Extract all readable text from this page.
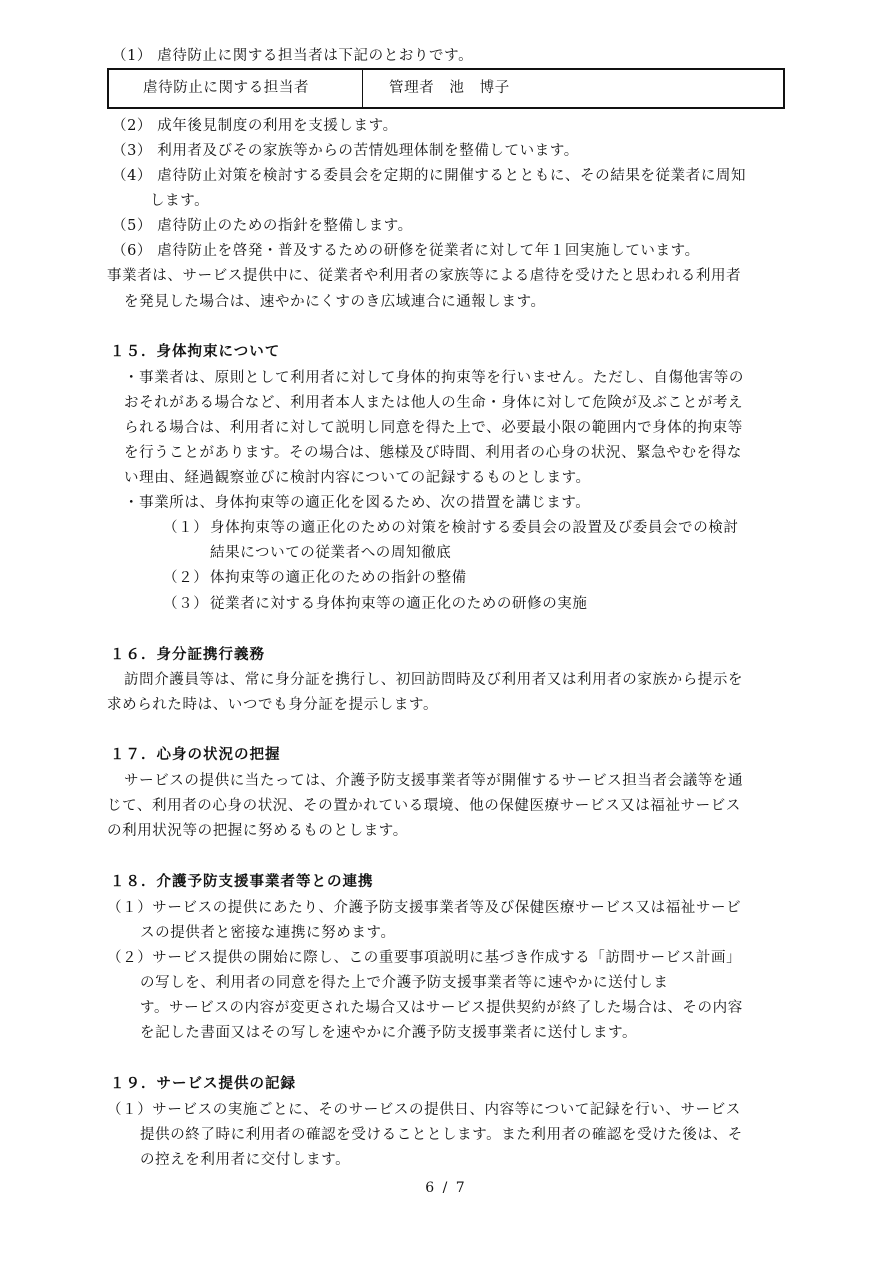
（1） 虐待防止に関する担当者は下記のとおりです。
虐待防止に関する担当者	管理者　池　博子
（2） 成年後見制度の利用を支援します。
（3） 利用者及びその家族等からの苦情処理体制を整備しています。
（4） 虐待防止対策を検討する委員会を定期的に開催するとともに、その結果を従業者に周知
します。
（5） 虐待防止のための指針を整備します。
（6） 虐待防止を啓発・普及するための研修を従業者に対して年１回実施しています。
事業者は、サービス提供中に、従業者や利用者の家族等による虐待を受けたと思われる利用者
を発見した場合は、速やかにくすのき広域連合に通報します。
１５．身体拘束について
・事業者は、原則として利用者に対して身体的拘束等を行いません。ただし、自傷他害等の
おそれがある場合など、利用者本人または他人の生命・身体に対して危険が及ぶことが考え
られる場合は、利用者に対して説明し同意を得た上で、必要最小限の範囲内で身体的拘束等
を行うことがあります。その場合は、態様及び時間、利用者の心身の状況、緊急やむを得な
い理由、経過観察並びに検討内容についての記録するものとします。
・事業所は、身体拘束等の適正化を図るため、次の措置を講じます。
（１） 身体拘束等の適正化のための対策を検討する委員会の設置及び委員会での検討
結果についての従業者への周知徹底
（２） 体拘束等の適正化のための指針の整備
（３） 従業者に対する身体拘束等の適正化のための研修の実施
１６．身分証携行義務
訪問介護員等は、常に身分証を携行し、初回訪問時及び利用者又は利用者の家族から提示を
求められた時は、いつでも身分証を提示します。
１７．心身の状況の把握
サービスの提供に当たっては、介護予防支援事業者等が開催するサービス担当者会議等を通
じて、利用者の心身の状況、その置かれている環境、他の保健医療サービス又は福祉サービス
の利用状況等の把握に努めるものとします。
１８．介護予防支援事業者等との連携
（１）サービスの提供にあたり、介護予防支援事業者等及び保健医療サービス又は福祉サービ
スの提供者と密接な連携に努めます。
（２）サービス提供の開始に際し、この重要事項説明に基づき作成する「訪問サービス計画」
の写しを、利用者の同意を得た上で介護予防支援事業者等に速やかに送付しま
す。サービスの内容が変更された場合又はサービス提供契約が終了した場合は、その内容
を記した書面又はその写しを速やかに介護予防支援事業者に送付します。
１９．サービス提供の記録
（１）サービスの実施ごとに、そのサービスの提供日、内容等について記録を行い、サービス
提供の終了時に利用者の確認を受けることとします。また利用者の確認を受けた後は、そ
の控えを利用者に交付します。
6 / 7
